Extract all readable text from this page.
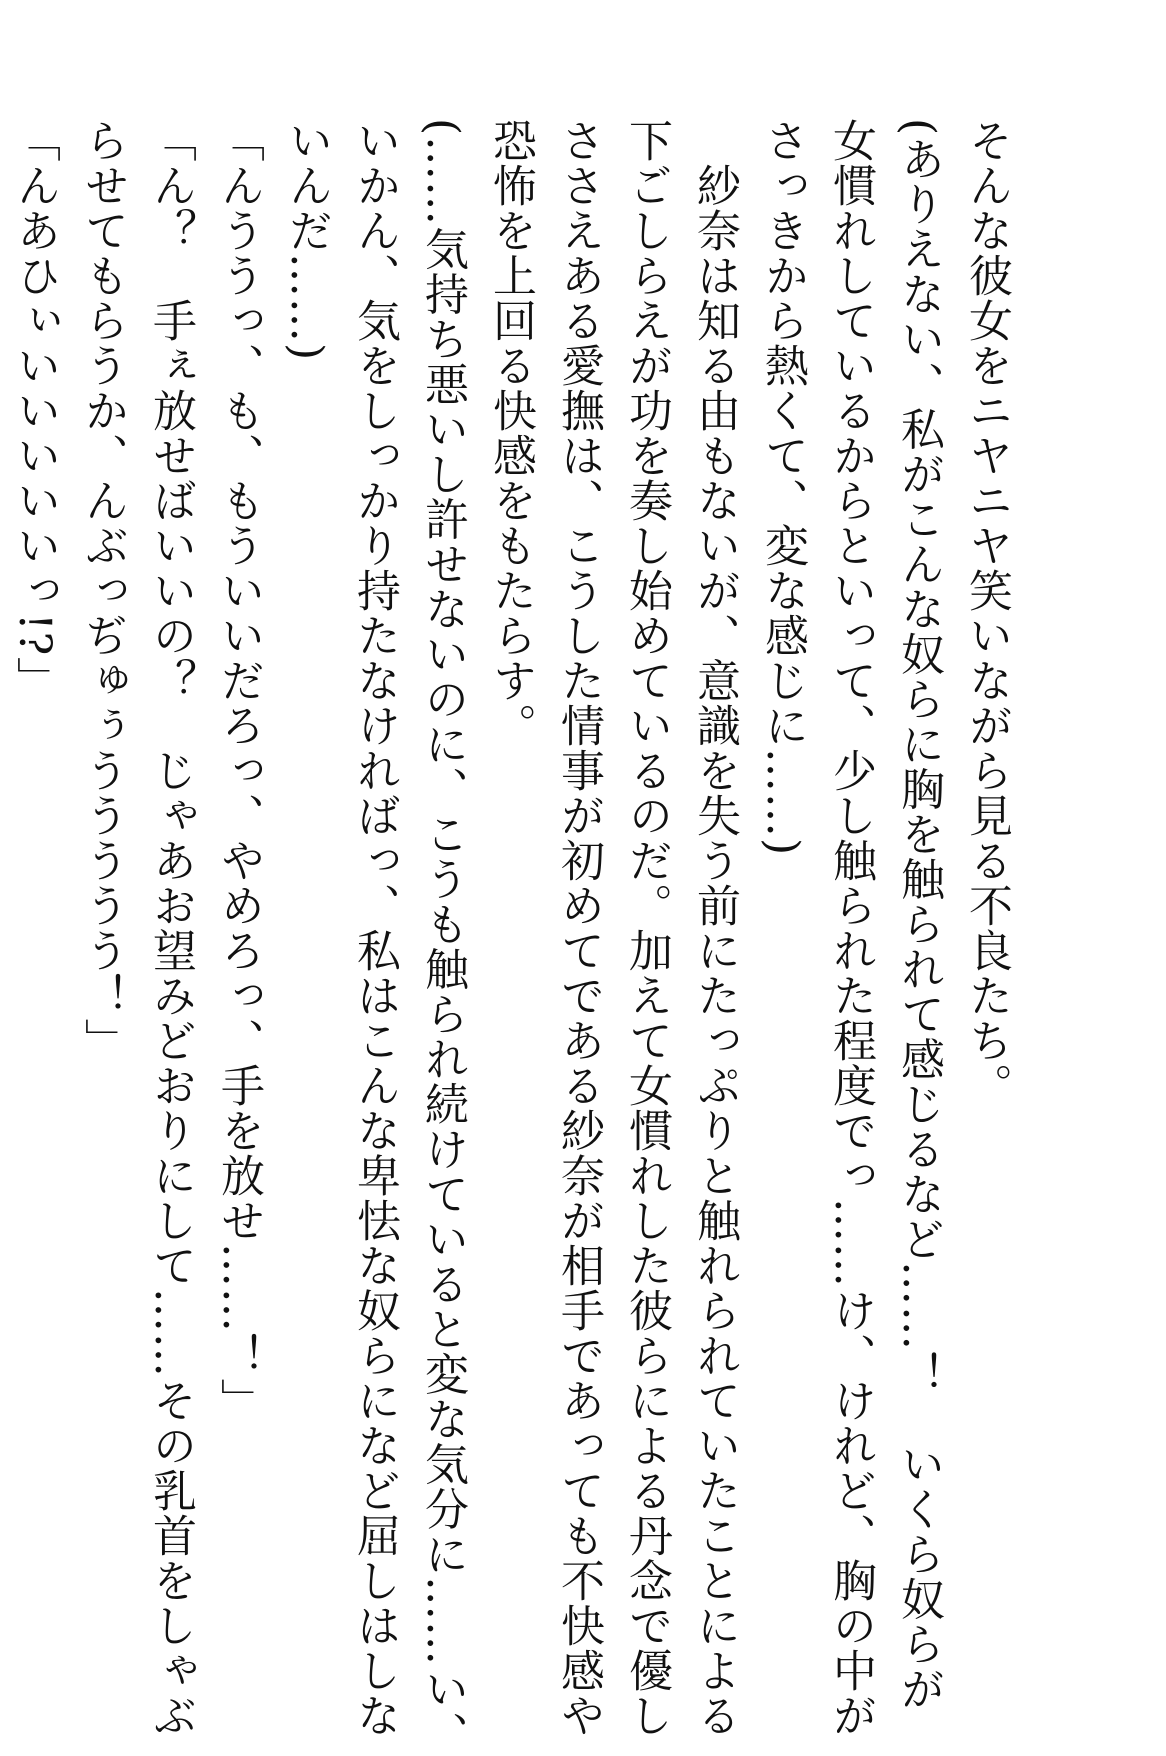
そんな彼女をニヤニヤ笑いながら見る不良たち。
(ありえない、私がこんな奴らに胸を触られて感じるなど……！　いくら奴らが
女慣れしているからといって、少し触られた程度でっ……け、けれど、胸の中が
さっきから熱くて、変な感じに……)
　紗奈は知る由もないが、意識を失う前にたっぷりと触れられていたことによる
下ごしらえが功を奏し始めているのだ。加えて女慣れした彼らによる丹念で優し
ささえある愛撫は、こうした情事が初めてである紗奈が相手であっても不快感や
恐怖を上回る快感をもたらす。
(……気持ち悪いし許せないのに、こうも触られ続けていると変な気分に……い、
いかん、気をしっかり持たなければっ、私はこんな卑怯な奴らになど屈しはしな
いんだ……)
「んううっ、も、もういいだろっ、やめろっ、手を放せ……！」
「ん？　手ぇ放せばいいの？　じゃあお望みどおりにして……その乳首をしゃぶ
らせてもらうか、んぶっぢゅぅううううう！」
「んあひぃいいいいいっ!?」
